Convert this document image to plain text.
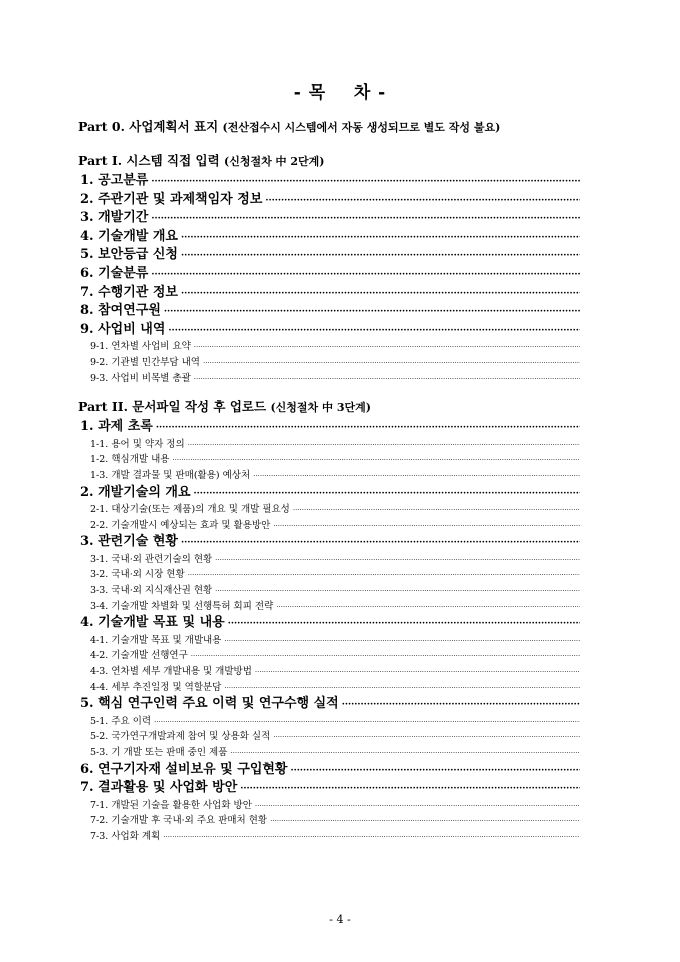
- 목    차 -
Part 0. 사업계획서 표지 (전산접수시 시스템에서 자동 생성되므로 별도 작성 불요)
Part I. 시스템 직접 입력 (신청절차 中 2단계)
1. 공고분류
·····
2. 주관기관 및 과제책임자 정보
·····
3. 개발기간
·····
4. 기술개발 개요
·····
5. 보안등급 신청
·····
6. 기술분류
·····
7. 수행기관 정보
·····
8. 참여연구원
·····
9. 사업비 내역
·····
9-1. 연차별 사업비 요약
·····
9-2. 기관별 민간부담 내역
·····
9-3. 사업비 비목별 총괄
·····
Part II. 문서파일 작성 후 업로드 (신청절차 中 3단계)
1. 과제 초록
·····
1-1. 용어 및 약자 정의
·····
1-2. 핵심개발 내용
·····
1-3. 개발 결과물 및 판매(활용) 예상처
·····
2. 개발기술의 개요
·····
2-1. 대상기술(또는 제품)의 개요 및 개발 필요성
·····
2-2. 기술개발시 예상되는 효과 및 활용방안
·····
3. 관련기술 현황
·····
3-1. 국내·외 관련기술의 현황
·····
3-2. 국내·외 시장 현황
·····
3-3. 국내·외 지식재산권 현황
·····
3-4. 기술개발 차별화 및 선행특허 회피 전략
·····
4. 기술개발 목표 및 내용
·····
4-1. 기술개발 목표 및 개발내용
·····
4-2. 기술개발 선행연구
·····
4-3. 연차별 세부 개발내용 및 개발방법
·····
4-4. 세부 추진일정 및 역할분담
·····
5. 핵심 연구인력 주요 이력 및 연구수행 실적
·····
5-1. 주요 이력
·····
5-2. 국가연구개발과제 참여 및 상용화 실적
·····
5-3. 기 개발 또는 판매 중인 제품
·····
6. 연구기자재 설비보유 및 구입현황
·····
7. 결과활용 및 사업화 방안
·····
7-1. 개발된 기술을 활용한 사업화 방안
·····
7-2. 기술개발 후 국내·외 주요 판매처 현황
·····
7-3. 사업화 계획
·····
- 4 -
